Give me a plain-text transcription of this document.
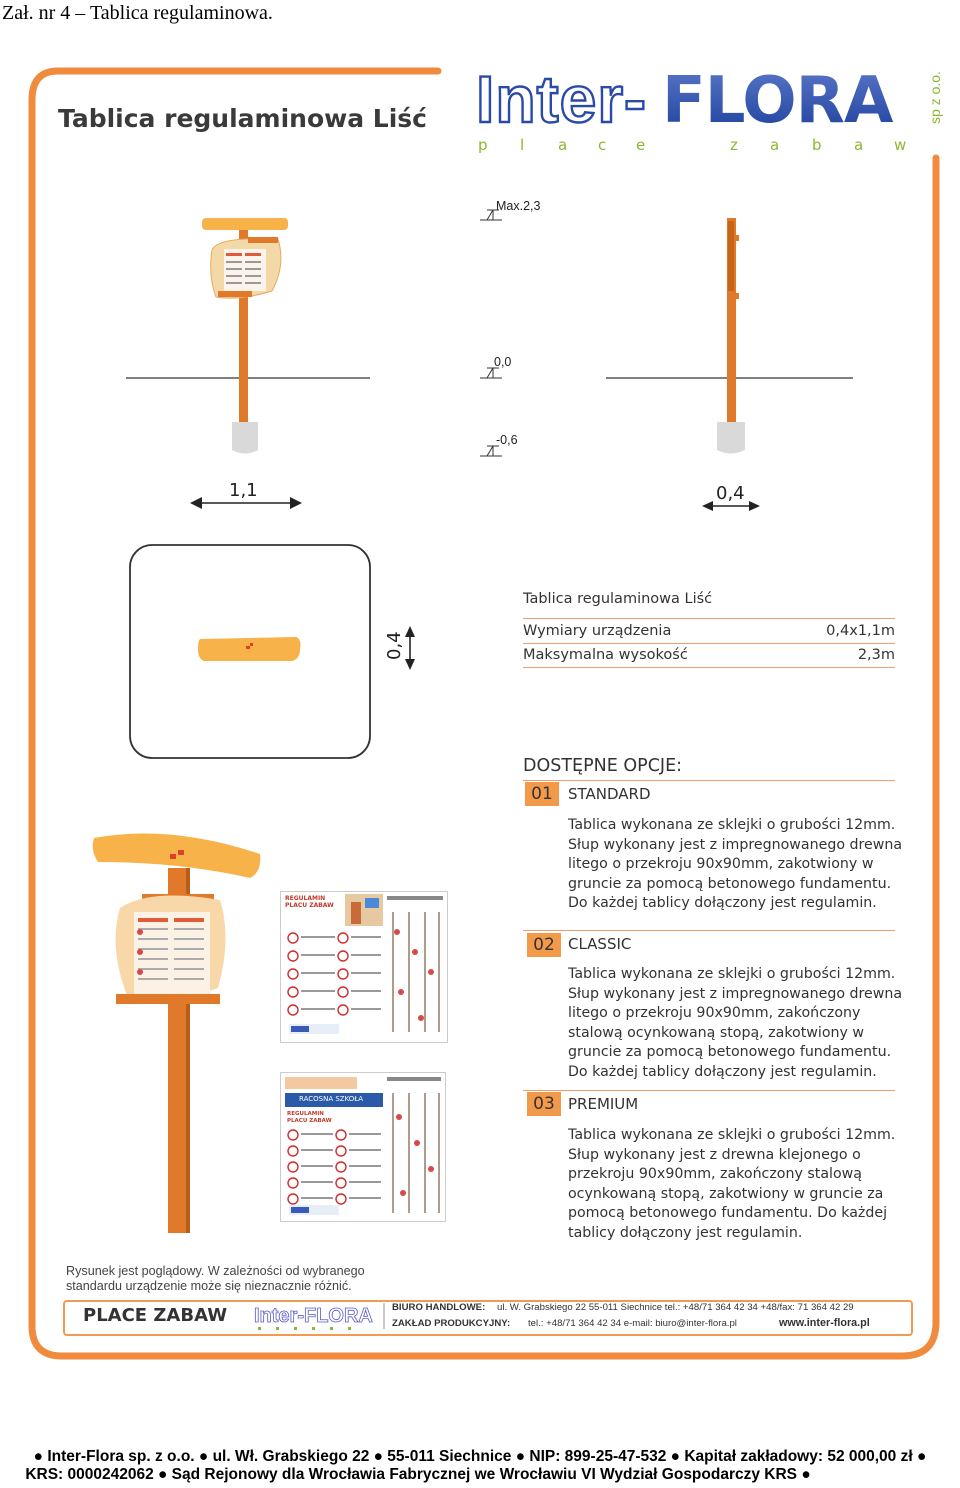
Zał. nr 4 – Tablica regulaminowa.
Tablica regulaminowa Liść Inter- FLORA
p l a c e	z a b a w
sp z o.o.
Max.2,3
0,0
-0,6
1,1	0,4
0,4
Tablica regulaminowa Liść
Wymiary urządzenia	0,4x1,1m
Maksymalna wysokość	2,3m
DOSTĘPNE OPCJE:
01	STANDARD
Tablica wykonana ze sklejki o grubości 12mm. Słup wykonany jest z impregnowanego drewna litego o przekroju 90x90mm, zakotwiony w gruncie za pomocą betonowego fundamentu. Do każdej tablicy dołączony jest regulamin.
02 CLASSIC
Tablica wykonana ze sklejki o grubości 12mm. Słup wykonany jest z impregnowanego drewna litego o przekroju 90x90mm, zakończony stalową ocynkowaną stopą, zakotwiony w gruncie za pomocą betonowego fundamentu. Do każdej tablicy dołączony jest regulamin.
03 PREMIUM
Tablica wykonana ze sklejki o grubości 12mm. Słup wykonany jest z drewna klejonego o przekroju 90x90mm, zakończony stalową ocynkowaną stopą, zakotwiony w gruncie za pomocą betonowego fundamentu. Do każdej tablicy dołączony jest regulamin.
REGULAMIN PLACU ZABAW
RACOSNA SZKOŁA
REGULAMIN PLACU ZABAW
Rysunek jest poglądowy. W zależności od wybranego standardu urządzenie może się nieznacznie różnić.
PLACE ZABAW Inter-FLORA BIURO HANDLOWE: ul. W. Grabskiego 22 55-011 Siechnice tel.: +48/71 364 42 34 +48/fax: 71 364 42 29
ZAKŁAD PRODUKCYJNY: tel.: +48/71 364 42 34 e-mail: biuro@inter-flora.pl	www.inter-flora.pl
● Inter-Flora sp. z o.o. ● ul. Wł. Grabskiego 22 ● 55-011 Siechnice ● NIP: 899-25-47-532 ● Kapitał zakładowy: 52 000,00 zł ●
KRS: 0000242062 ● Sąd Rejonowy dla Wrocławia Fabrycznej we Wrocławiu VI Wydział Gospodarczy KRS ●
